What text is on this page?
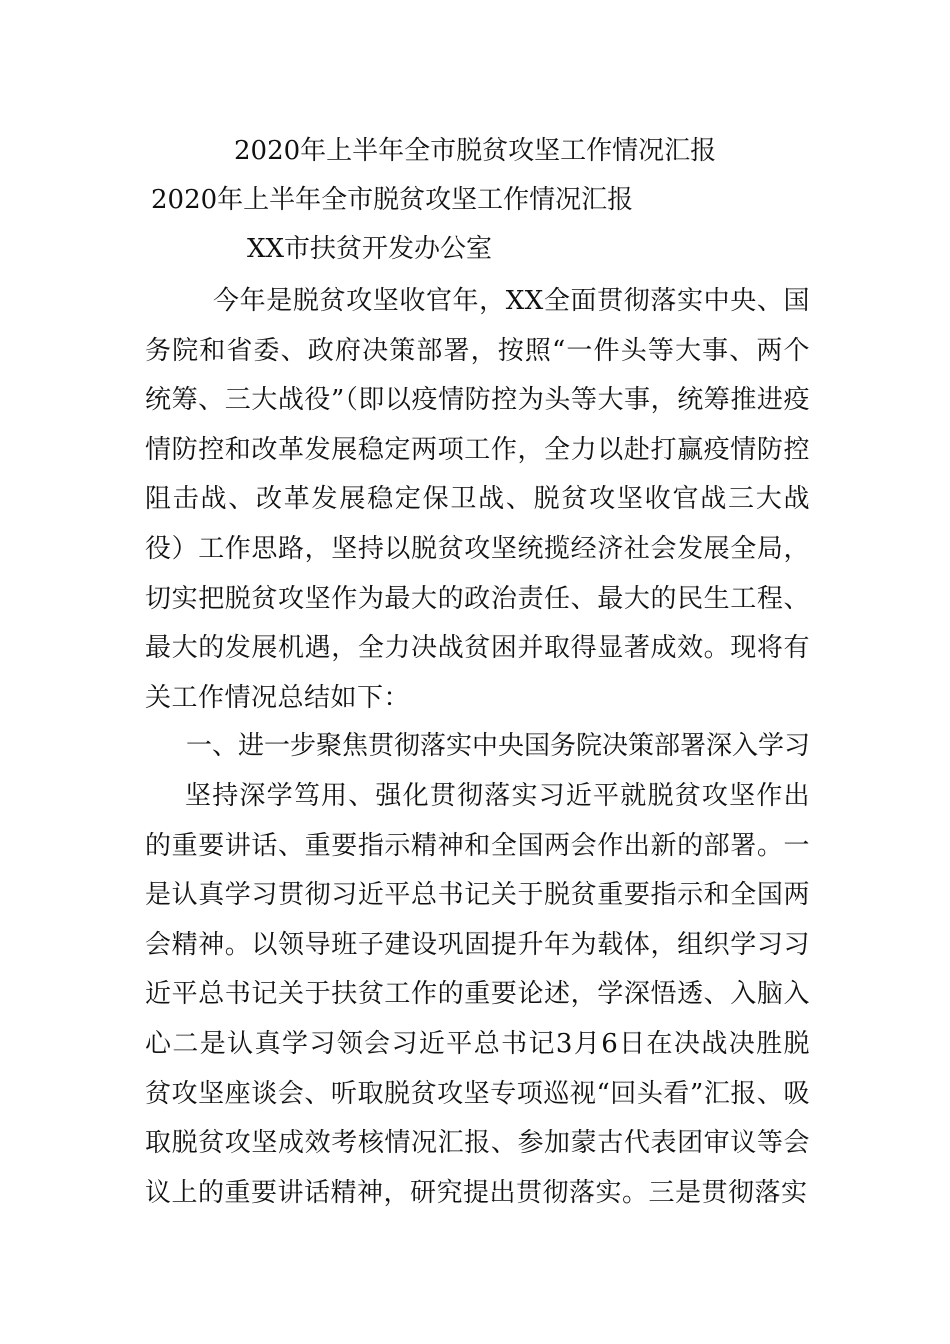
2020年上半年全市脱贫攻坚工作情况汇报
2020年上半年全市脱贫攻坚工作情况汇报
XX市扶贫开发办公室
今年是脱贫攻坚收官年，XX全面贯彻落实中央、国务院和省委、政府决策部署，按照“一件头等大事、两个统筹、三大战役”（即以疫情防控为头等大事，统筹推进疫情防控和改革发展稳定两项工作，全力以赴打赢疫情防控阻击战、改革发展稳定保卫战、脱贫攻坚收官战三大战役）工作思路，坚持以脱贫攻坚统揽经济社会发展全局，切实把脱贫攻坚作为最大的政治责任、最大的民生工程、最大的发展机遇，全力决战贫困并取得显著成效。现将有关工作情况总结如下：
一、进一步聚焦贯彻落实中央国务院决策部署深入学习
坚持深学笃用、强化贯彻落实习近平就脱贫攻坚作出的重要讲话、重要指示精神和全国两会作出新的部署。一是认真学习贯彻习近平总书记关于脱贫重要指示和全国两会精神。以领导班子建设巩固提升年为载体，组织学习习近平总书记关于扶贫工作的重要论述，学深悟透、入脑入心二是认真学习领会习近平总书记3月6日在决战决胜脱贫攻坚座谈会、听取脱贫攻坚专项巡视“回头看”汇报、吸取脱贫攻坚成效考核情况汇报、参加蒙古代表团审议等会议上的重要讲话精神，研究提出贯彻落实。三是贯彻落实
